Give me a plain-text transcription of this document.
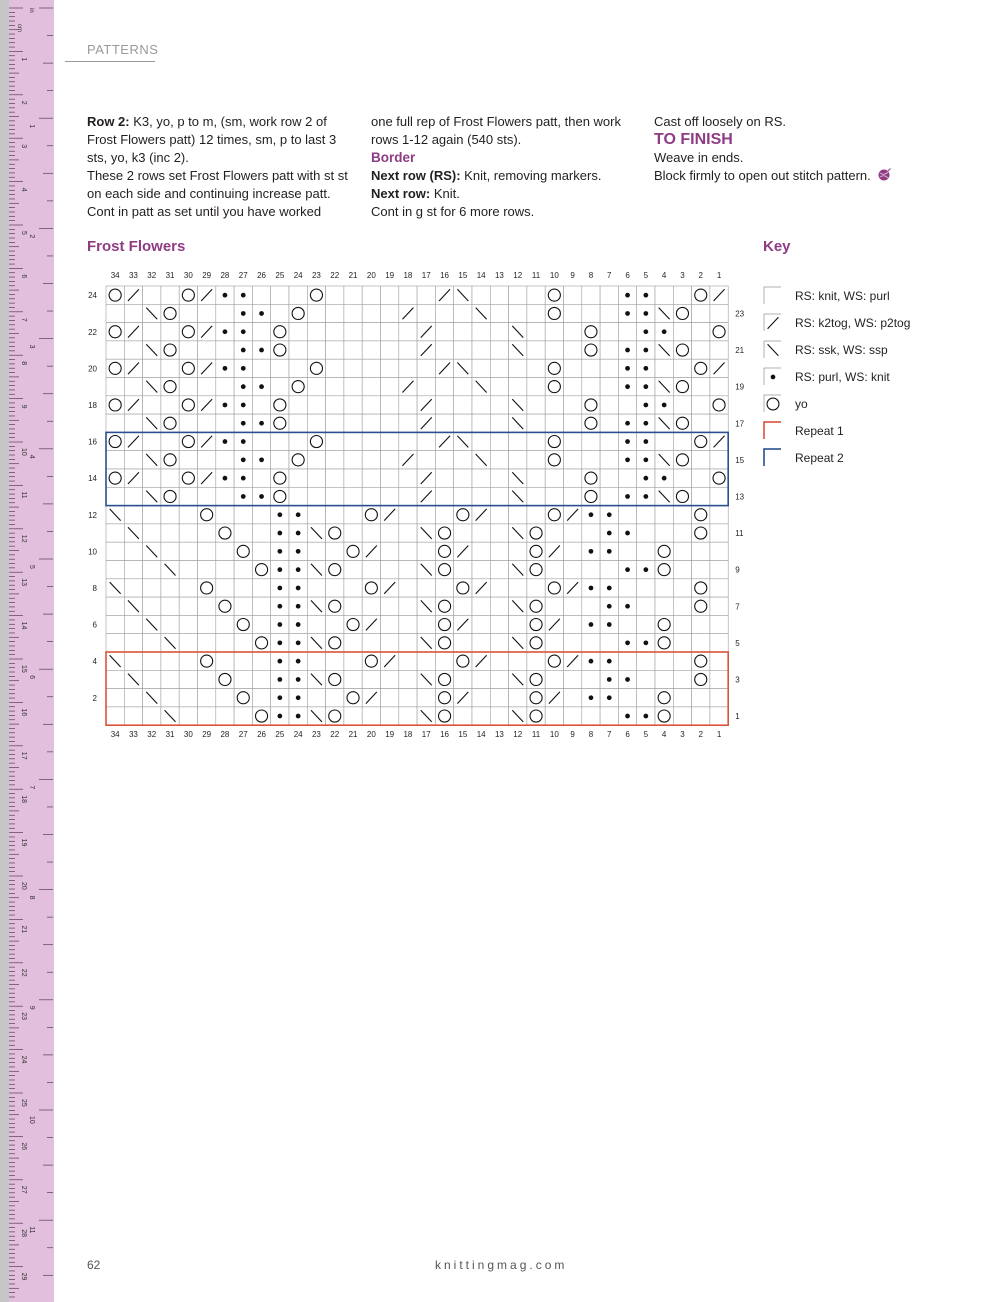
1
2
3
4
5
6
7
8
9
10
11
12
13
14
15
16
17
18
19
20
21
22
23
24
25
26
27
28
29
1
2
3
4
5
6
7
8
9
10
11
cm
in
PATTERNS

Row 2: K3, yo, p to m, (sm, work row 2 of Frost Flowers patt) 12 times, sm, p to last 3 sts, yo, k3 (inc 2).

These 2 rows set Frost Flowers patt with st st on each side and continuing increase patt. Cont in patt as set until you have worked

one full rep of Frost Flowers patt, then work rows 1-12 again (540 sts).

Border

Next row (RS): Knit, removing markers.

Next row: Knit.

Cont in g st for 6 more rows.

Cast off loosely on RS.

TO FINISH

Weave in ends.

Block firmly to open out stitch pattern.

Frost Flowers	Key
34
34
33
33
32
32
31
31
30
30
29
29
28
28
27
27
26
26
25
25
24
24
23
23
22
22
21
21
20
20
19
19
18
18
17
17
16
16
15
15
14
14
13
13
12
12
11
11
10
10
9
9
8
8
7
7
6
6
5
5
4
4
3
3
2
2
1
1
24
23
22
21
20
19
18
17
16
15
14
13
12
11
10
9
8
7
6
5
4
3
2
1
RS: knit, WS: purl
RS: k2tog, WS: p2tog
RS: ssk, WS: ssp
RS: purl, WS: knit
yo
Repeat 1
Repeat 2
62	knittingmag.com
